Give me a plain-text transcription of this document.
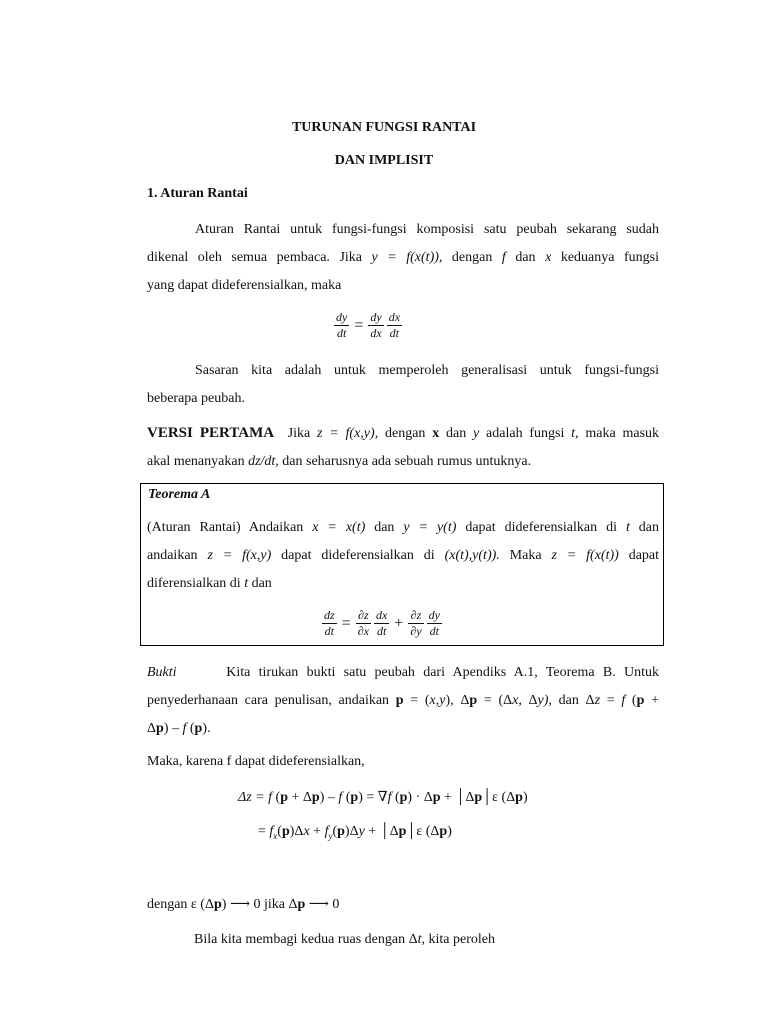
TURUNAN FUNGSI RANTAI
DAN IMPLISIT
1. Aturan Rantai
Aturan Rantai untuk fungsi-fungsi komposisi satu peubah sekarang sudah
dikenal oleh semua pembaca. Jika y = f(x(t)), dengan f dan x keduanya fungsi
yang dapat dideferensialkan, maka
$\frac{dy}{dt} = \frac{dy}{dx} \frac{dx}{dt}$
Sasaran kita adalah untuk memperoleh generalisasi untuk fungsi-fungsi
beberapa peubah.
VERSI PERTAMA Jika z = f(x,y), dengan x dan y adalah fungsi t, maka masuk
akal menanyakan dz/dt, dan seharusnya ada sebuah rumus untuknya.
Teorema A
(Aturan Rantai) Andaikan x = x(t) dan y = y(t) dapat dideferensialkan di t dan
andaikan z = f(x,y) dapat dideferensialkan di (x(t),y(t)). Maka z = f(x(t)) dapat
diferensialkan di t dan
$\frac{dz}{dt} = \frac{\partial z}{\partial x} \frac{dx}{dt} + \frac{\partial z}{\partial y} \frac{dy}{dt}$
Bukti	Kita tirukan bukti satu peubah dari Apendiks A.1, Teorema B. Untuk
penyederhanaan cara penulisan, andaikan p = (x,y), Δp = (Δx, Δy), dan Δz = f (p +
Δp) – f (p).
Maka, karena f dapat dideferensialkan,
Δz = f (p + Δp) – f (p) = ∇f (p) · Δp + │Δp│ε (Δp)
= $f_x(p)\Delta x + f_y(p)\Delta y$ + │Δp│ε (Δp)
dengan ε (Δp) ⟶ 0 jika Δp ⟶ 0
Bila kita membagi kedua ruas dengan Δt, kita peroleh
